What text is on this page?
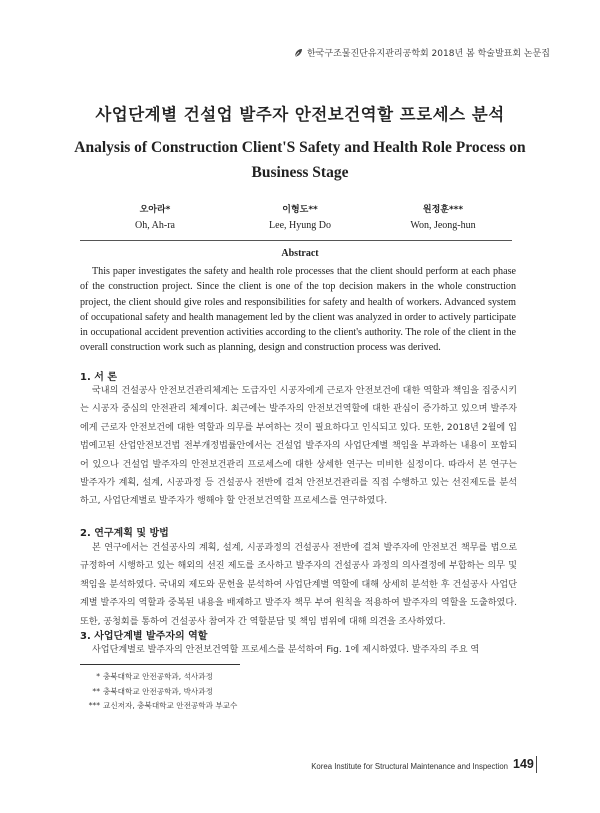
한국구조물진단유지관리공학회 2018년 봄 학술발표회 논문집
사업단계별 건설업 발주자 안전보건역할 프로세스 분석
Analysis of Construction Client'S Safety and Health Role Process on Business Stage
오아라*
Oh, Ah-ra
이형도**
Lee, Hyung Do
원정훈***
Won, Jeong-hun
Abstract
This paper investigates the safety and health role processes that the client should perform at each phase of the construction project. Since the client is one of the top decision makers in the whole construction project, the client should give roles and responsibilities for safety and health of workers. Advanced system of occupational safety and health management led by the client was analyzed in order to actively participate in occupational accident prevention activities according to the client's authority. The role of the client in the overall construction work such as planning, design and construction process was derived.
1. 서 론
국내의 건설공사 안전보건관리체계는 도급자인 시공자에게 근로자 안전보건에 대한 역할과 책임을 집중시키는 시공자 중심의 안전관리 체계이다. 최근에는 발주자의 안전보건역할에 대한 관심이 증가하고 있으며 발주자에게 근로자 안전보건에 대한 역할과 의무를 부여하는 것이 필요하다고 인식되고 있다. 또한, 2018년 2월에 입법예고된 산업안전보건법 전부개정법률안에서는 건설업 발주자의 사업단계별 책임을 부과하는 내용이 포함되어 있으나 건설업 발주자의 안전보건관리 프로세스에 대한 상세한 연구는 미비한 실정이다. 따라서 본 연구는 발주자가 계획, 설계, 시공과정 등 건설공사 전반에 걸쳐 안전보건관리를 직접 수행하고 있는 선진제도를 분석하고, 사업단계별로 발주자가 행해야 할 안전보건역할 프로세스를 연구하였다.
2. 연구계획 및 방법
본 연구에서는 건설공사의 계획, 설계, 시공과정의 건설공사 전반에 걸쳐 발주자에 안전보건 책무를 법으로 규정하여 시행하고 있는 해외의 선진 제도를 조사하고 발주자의 건설공사 과정의 의사결정에 부합하는 의무 및 책임을 분석하였다. 국내외 제도와 문헌을 분석하여 사업단계별 역할에 대해 상세히 분석한 후 건설공사 사업단계별 발주자의 역할과 중복된 내용을 배제하고 발주자 책무 부여 원칙을 적용하여 발주자의 역할을 도출하였다. 또한, 공청회를 통하여 건설공사 참여자 간 역할분담 및 책임 범위에 대해 의견을 조사하였다.
3. 사업단계별 발주자의 역할
사업단계별로 발주자의 안전보건역할 프로세스를 분석하여 Fig. 1에 제시하였다. 발주자의 주요 역
* 충북대학교 안전공학과, 석사과정
** 충북대학교 안전공학과, 박사과정
*** 교신저자, 충북대학교 안전공학과 부교수
Korea Institute for Structural Maintenance and Inspection 149
